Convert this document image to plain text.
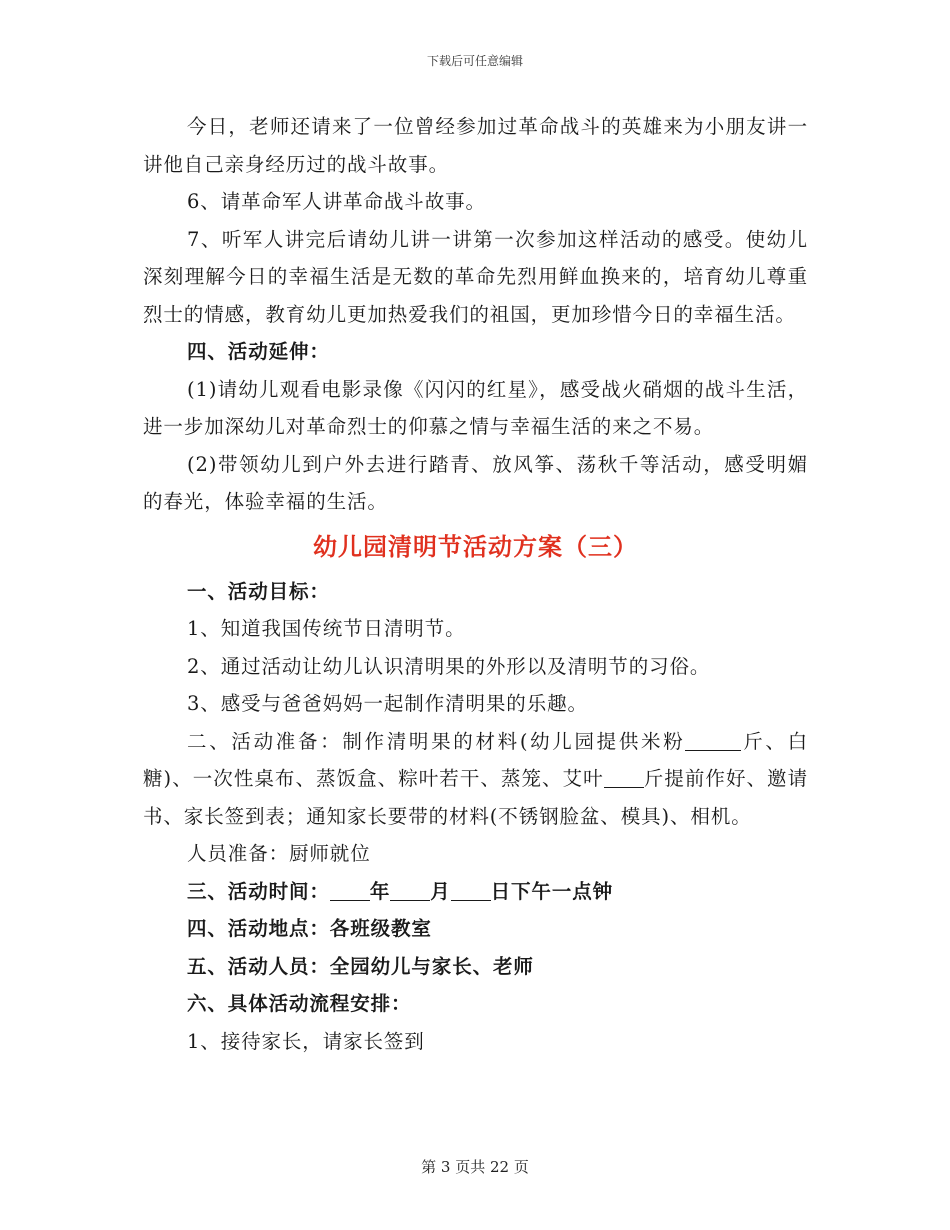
下载后可任意编辑

今日，老师还请来了一位曾经参加过革命战斗的英雄来为小朋友讲一讲他自己亲身经历过的战斗故事。

6、请革命军人讲革命战斗故事。

7、听军人讲完后请幼儿讲一讲第一次参加这样活动的感受。使幼儿深刻理解今日的幸福生活是无数的革命先烈用鲜血换来的，培育幼儿尊重烈士的情感，教育幼儿更加热爱我们的祖国，更加珍惜今日的幸福生活。

四、活动延伸：

(1)请幼儿观看电影录像《闪闪的红星》，感受战火硝烟的战斗生活，进一步加深幼儿对革命烈士的仰慕之情与幸福生活的来之不易。

(2)带领幼儿到户外去进行踏青、放风筝、荡秋千等活动，感受明媚的春光，体验幸福的生活。

幼儿园清明节活动方案（三）

一、活动目标：

1、知道我国传统节日清明节。

2、通过活动让幼儿认识清明果的外形以及清明节的习俗。

3、感受与爸爸妈妈一起制作清明果的乐趣。

二、活动准备：制作清明果的材料(幼儿园提供米粉	斤、白糖)、一次性桌布、蒸饭盒、粽叶若干、蒸笼、艾叶 斤提前作好、邀请书、家长签到表；通知家长要带的材料(不锈钢脸盆、模具)、相机。

人员准备：厨师就位

三、活动时间： 年 月 日下午一点钟

四、活动地点：各班级教室

五、活动人员：全园幼儿与家长、老师

六、具体活动流程安排：

1、接待家长，请家长签到

第 3 页共 22 页
